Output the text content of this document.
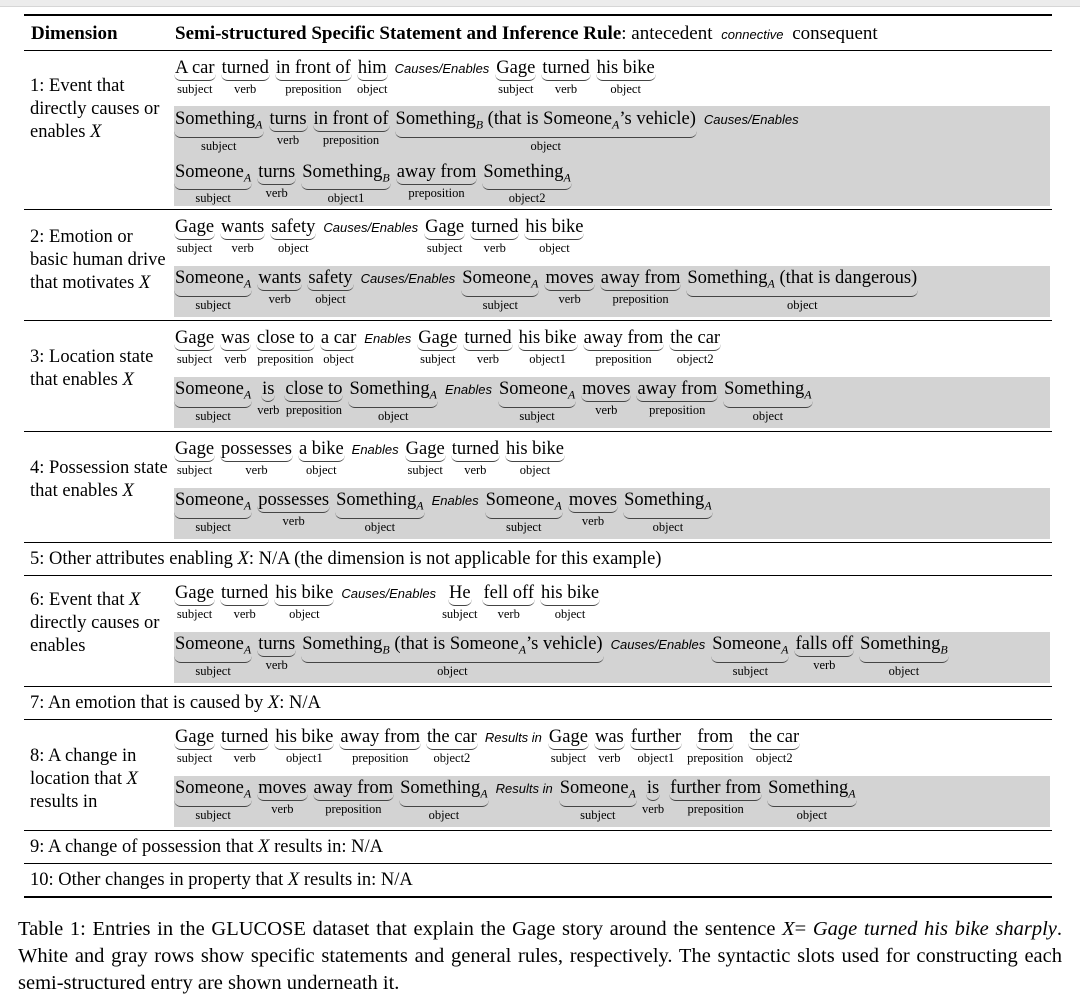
Dimension	Semi-structured Specific Statement and Inference Rule: antecedent connective consequent
1: Event that directly causes or enables X
A car
subject
turned
verb
in front of
preposition
him
object
Causes/Enables Gage
subject
turned
verb
his bike
object
Something$_A$
subject
turns
verb
in front of
preposition
Something$_B$ (that is Someone$_A$’s vehicle)
object
Causes/Enables
Someone$_A$
subject
turns
verb
Something$_B$
object1
away from
preposition
Something$_A$
object2
2: Emotion or basic human drive that motivates X
Gage
subject
wants
verb
safety
object
Causes/Enables Gage
subject
turned
verb
his bike
object
Someone$_A$
subject
wants
verb
safety
object
Causes/Enables Someone$_A$
subject
moves
verb
away from
preposition
Something$_A$ (that is dangerous)
object
3: Location state that enables X
Gage
subject
was
verb
close to
preposition
a car
object
Enables Gage
subject
turned
verb
his bike
object1
away from
preposition
the car
object2
Someone$_A$
subject
is
verb
close to
preposition
Something$_A$
object
Enables Someone$_A$
subject
moves
verb
away from
preposition
Something$_A$
object
4: Possession state that enables X
Gage
subject
possesses
verb
a bike
object
Enables Gage
subject
turned
verb
his bike
object
Someone$_A$
subject
possesses
verb
Something$_A$
object
Enables Someone$_A$
subject
moves
verb
Something$_A$
object
5: Other attributes enabling X: N/A (the dimension is not applicable for this example)
6: Event that X directly causes or enables
Gage
subject
turned
verb
his bike
object
Causes/Enables He
subject
fell off
verb
his bike
object
Someone$_A$
subject
turns
verb
Something$_B$ (that is Someone$_A$’s vehicle)
object
Causes/Enables Someone$_A$
subject
falls off
verb
Something$_B$
object
7: An emotion that is caused by X: N/A
8: A change in location that X results in
Gage
subject
turned
verb
his bike
object1
away from
preposition
the car
object2
Results in Gage
subject
was
verb
further
object1
from
preposition
the car
object2
Someone$_A$
subject
moves
verb
away from
preposition
Something$_A$
object
Results in Someone$_A$
subject
is
verb
further from
preposition
Something$_A$
object
9: A change of possession that X results in: N/A
10: Other changes in property that X results in: N/A
Table 1: Entries in the GLUCOSE dataset that explain the Gage story around the sentence X= Gage turned his bike sharply. White and gray rows show specific statements and general rules, respectively. The syntactic slots used for constructing each semi-structured entry are shown underneath it.
